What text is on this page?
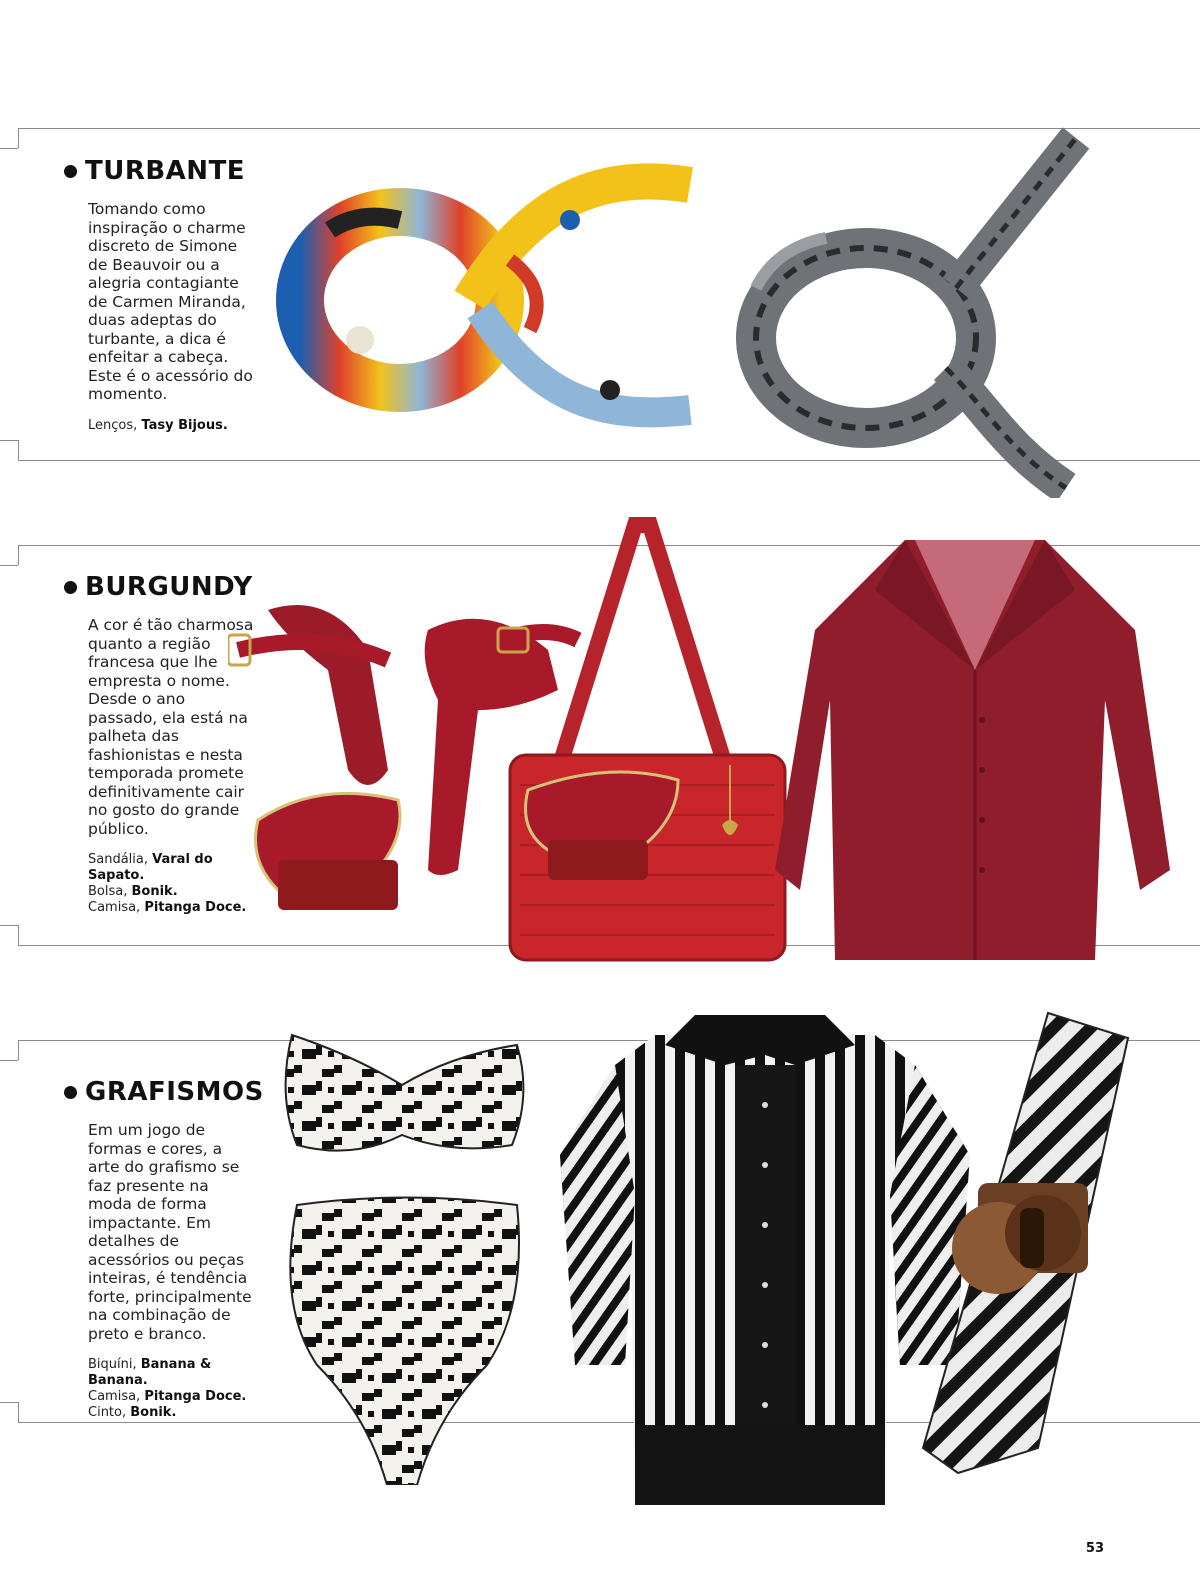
TURBANTE

Tomando como inspiração o charme discreto de Simone de Beauvoir ou a alegria contagiante de Carmen Miranda, duas adeptas do turbante, a dica é enfeitar a cabeça. Este é o acessório do momento.

Lenços, Tasy Bijous.

BURGUNDY

A cor é tão charmosa quanto a região francesa que lhe empresta o nome. Desde o ano passado, ela está na palheta das fashionistas e nesta temporada promete definitivamente cair no gosto do grande público.

Sandália, Varal do Sapato.
Bolsa, Bonik.
Camisa, Pitanga Doce.

GRAFISMOS

Em um jogo de formas e cores, a arte do grafismo se faz presente na moda de forma impactante. Em detalhes de acessórios ou peças inteiras, é tendência forte, principalmente na combinação de preto e branco.

Biquíni, Banana & Banana.
Camisa, Pitanga Doce.
Cinto, Bonik.

53
